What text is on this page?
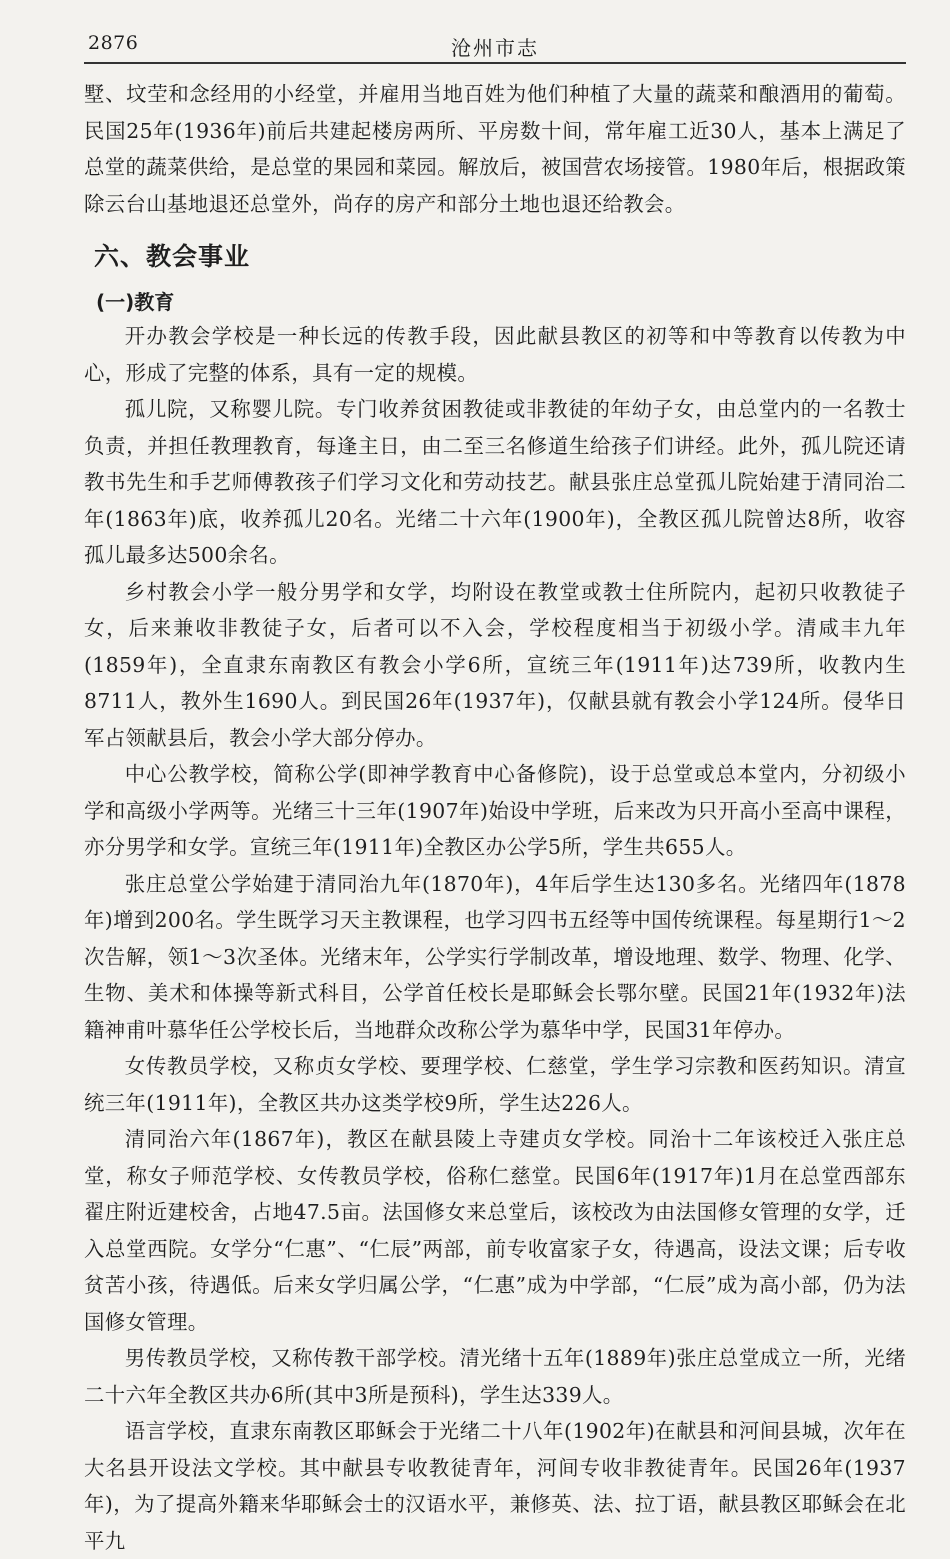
2876	沧州市志

墅、坟茔和念经用的小经堂，并雇用当地百姓为他们种植了大量的蔬菜和酿酒用的葡萄。民国25年(1936年)前后共建起楼房两所、平房数十间，常年雇工近30人，基本上满足了总堂的蔬菜供给，是总堂的果园和菜园。解放后，被国营农场接管。1980年后，根据政策除云台山基地退还总堂外，尚存的房产和部分土地也退还给教会。

六、教会事业
(一)教育

开办教会学校是一种长远的传教手段，因此献县教区的初等和中等教育以传教为中心，形成了完整的体系，具有一定的规模。

孤儿院，又称婴儿院。专门收养贫困教徒或非教徒的年幼子女，由总堂内的一名教士负责，并担任教理教育，每逢主日，由二至三名修道生给孩子们讲经。此外，孤儿院还请教书先生和手艺师傅教孩子们学习文化和劳动技艺。献县张庄总堂孤儿院始建于清同治二年(1863年)底，收养孤儿20名。光绪二十六年(1900年)，全教区孤儿院曾达8所，收容孤儿最多达500余名。

乡村教会小学一般分男学和女学，均附设在教堂或教士住所院内，起初只收教徒子女，后来兼收非教徒子女，后者可以不入会，学校程度相当于初级小学。清咸丰九年(1859年)，全直隶东南教区有教会小学6所，宣统三年(1911年)达739所，收教内生8711人，教外生1690人。到民国26年(1937年)，仅献县就有教会小学124所。侵华日军占领献县后，教会小学大部分停办。

中心公教学校，简称公学(即神学教育中心备修院)，设于总堂或总本堂内，分初级小学和高级小学两等。光绪三十三年(1907年)始设中学班，后来改为只开高小至高中课程，亦分男学和女学。宣统三年(1911年)全教区办公学5所，学生共655人。

张庄总堂公学始建于清同治九年(1870年)，4年后学生达130多名。光绪四年(1878年)增到200名。学生既学习天主教课程，也学习四书五经等中国传统课程。每星期行1～2次告解，领1～3次圣体。光绪末年，公学实行学制改革，增设地理、数学、物理、化学、生物、美术和体操等新式科目，公学首任校长是耶稣会长鄂尔壁。民国21年(1932年)法籍神甫叶慕华任公学校长后，当地群众改称公学为慕华中学，民国31年停办。

女传教员学校，又称贞女学校、要理学校、仁慈堂，学生学习宗教和医药知识。清宣统三年(1911年)，全教区共办这类学校9所，学生达226人。

清同治六年(1867年)，教区在献县陵上寺建贞女学校。同治十二年该校迁入张庄总堂，称女子师范学校、女传教员学校，俗称仁慈堂。民国6年(1917年)1月在总堂西部东翟庄附近建校舍，占地47.5亩。法国修女来总堂后，该校改为由法国修女管理的女学，迁入总堂西院。女学分“仁惠”、“仁辰”两部，前专收富家子女，待遇高，设法文课；后专收贫苦小孩，待遇低。后来女学归属公学，“仁惠”成为中学部，“仁辰”成为高小部，仍为法国修女管理。

男传教员学校，又称传教干部学校。清光绪十五年(1889年)张庄总堂成立一所，光绪二十六年全教区共办6所(其中3所是预科)，学生达339人。

语言学校，直隶东南教区耶稣会于光绪二十八年(1902年)在献县和河间县城，次年在大名县开设法文学校。其中献县专收教徒青年，河间专收非教徒青年。民国26年(1937年)，为了提高外籍来华耶稣会士的汉语水平，兼修英、法、拉丁语，献县教区耶稣会在北平九
